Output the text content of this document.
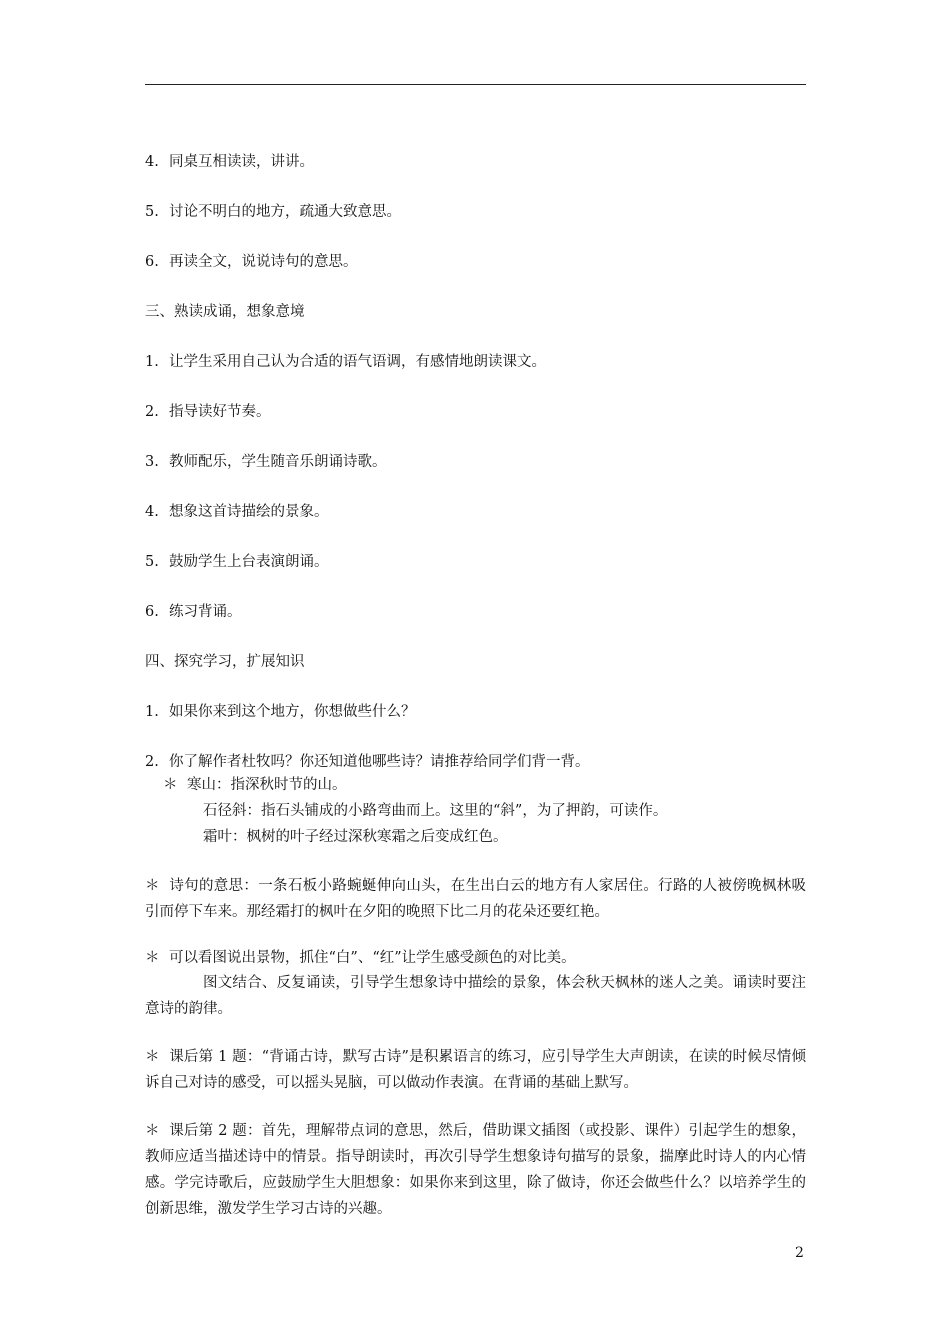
4. 同桌互相读读，讲讲。

5. 讨论不明白的地方，疏通大致意思。

6. 再读全文，说说诗句的意思。

三、熟读成诵，想象意境

1. 让学生采用自己认为合适的语气语调，有感情地朗读课文。

2. 指导读好节奏。

3. 教师配乐，学生随音乐朗诵诗歌。

4. 想象这首诗描绘的景象。

5. 鼓励学生上台表演朗诵。

6. 练习背诵。

四、探究学习，扩展知识

1. 如果你来到这个地方，你想做些什么？

2. 你了解作者杜牧吗？你还知道他哪些诗？请推荐给同学们背一背。

＊ 寒山：指深秋时节的山。

石径斜：指石头铺成的小路弯曲而上。这里的“斜”，为了押韵，可读作。

霜叶：枫树的叶子经过深秋寒霜之后变成红色。

＊ 诗句的意思：一条石板小路蜿蜒伸向山头，在生出白云的地方有人家居住。行路的人被傍晚枫林吸引而停下车来。那经霜打的枫叶在夕阳的晚照下比二月的花朵还要红艳。

＊ 可以看图说出景物，抓住“白”、“红”让学生感受颜色的对比美。

图文结合、反复诵读，引导学生想象诗中描绘的景象，体会秋天枫林的迷人之美。诵读时要注意诗的韵律。

＊ 课后第 1 题：“背诵古诗，默写古诗”是积累语言的练习，应引导学生大声朗读，在读的时候尽情倾诉自己对诗的感受，可以摇头晃脑，可以做动作表演。在背诵的基础上默写。

＊ 课后第 2 题：首先，理解带点词的意思，然后，借助课文插图（或投影、课件）引起学生的想象，教师应适当描述诗中的情景。指导朗读时，再次引导学生想象诗句描写的景象，揣摩此时诗人的内心情感。学完诗歌后，应鼓励学生大胆想象：如果你来到这里，除了做诗，你还会做些什么？以培养学生的创新思维，激发学生学习古诗的兴趣。

2
